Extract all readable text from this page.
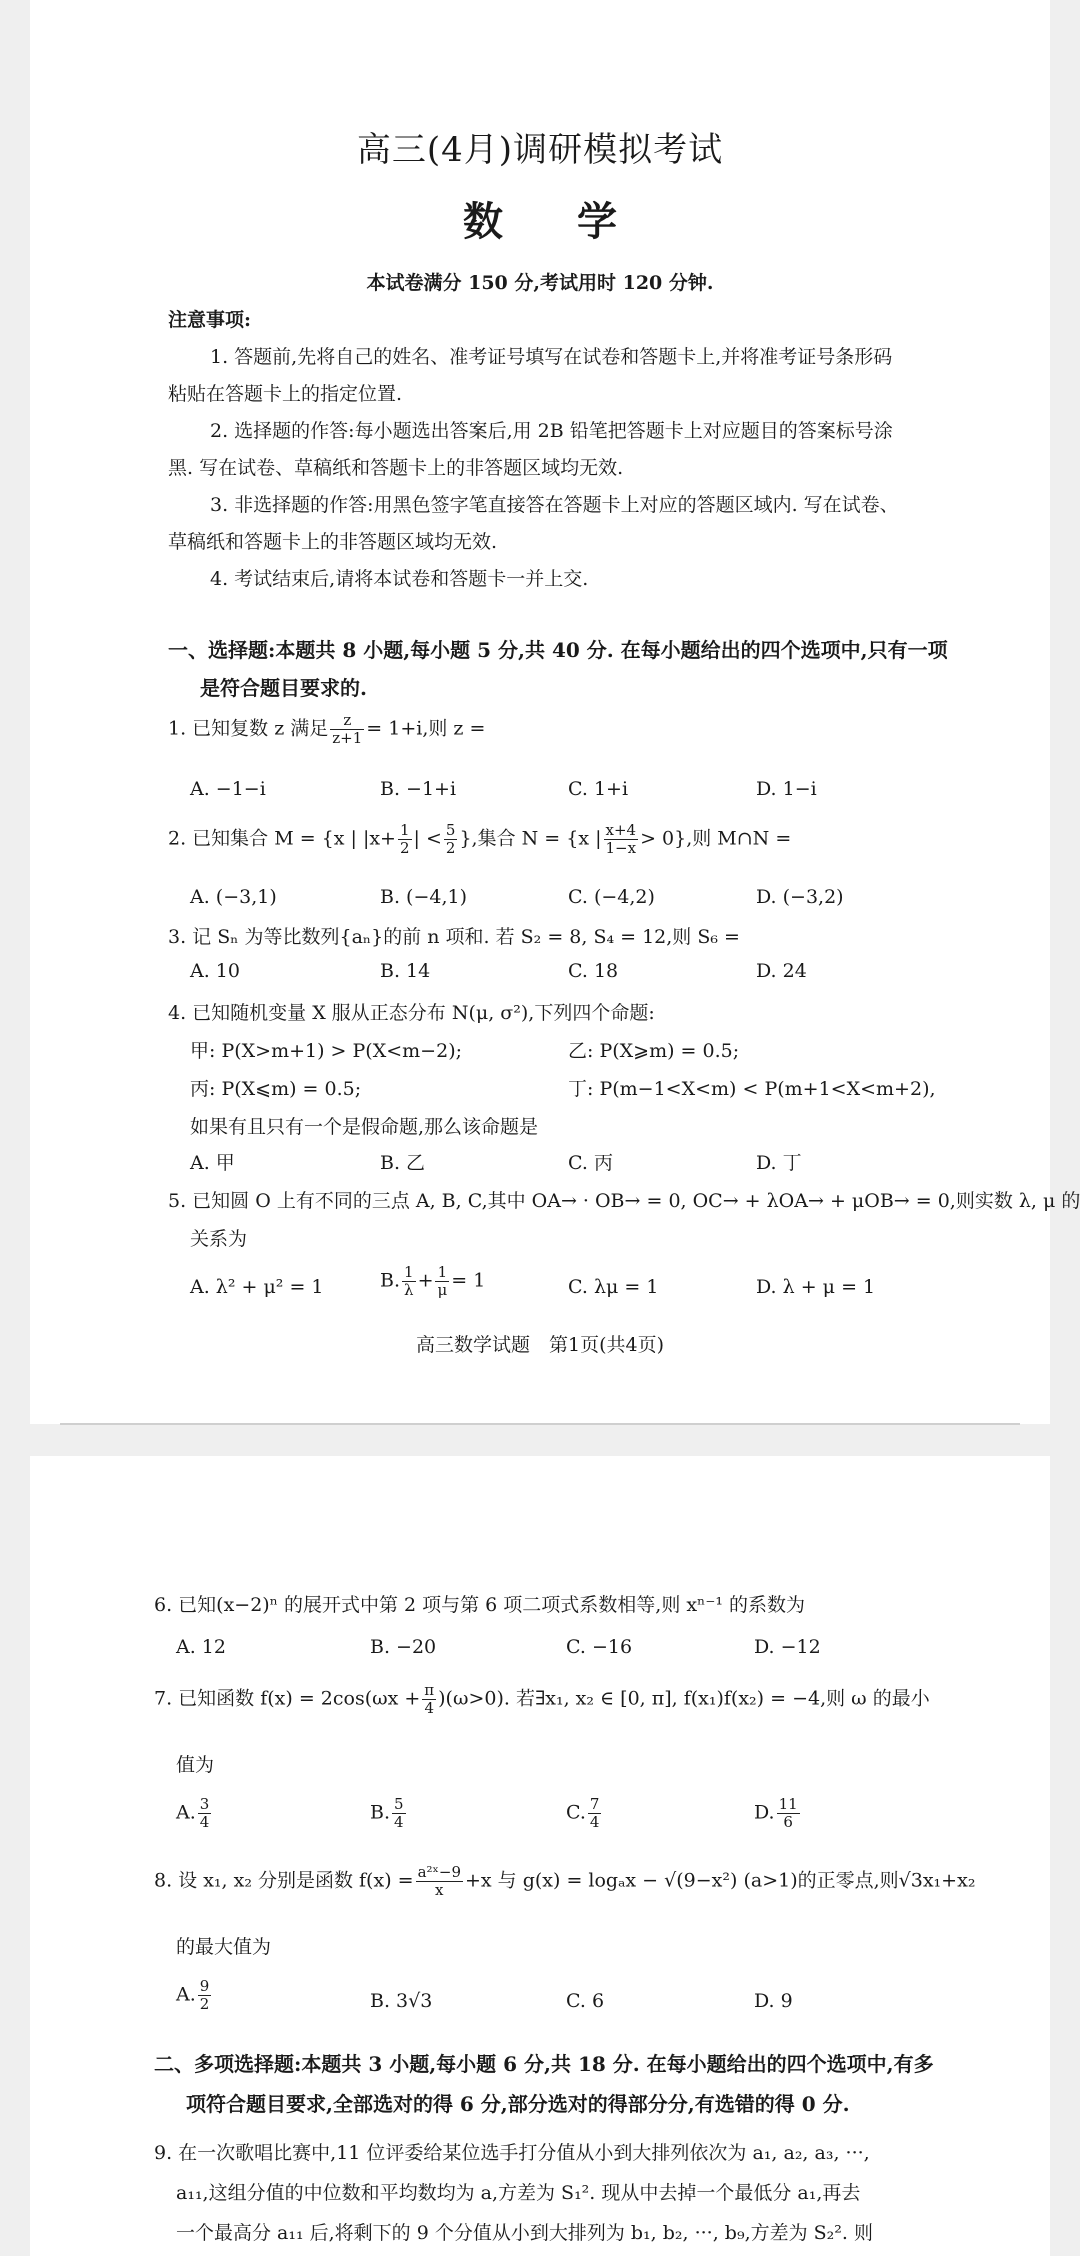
高三(4月)调研模拟考试
数 学
本试卷满分 150 分,考试用时 120 分钟.
注意事项:
1. 答题前,先将自己的姓名、准考证号填写在试卷和答题卡上,并将准考证号条形码
粘贴在答题卡上的指定位置.
2. 选择题的作答:每小题选出答案后,用 2B 铅笔把答题卡上对应题目的答案标号涂
黑. 写在试卷、草稿纸和答题卡上的非答题区域均无效.
3. 非选择题的作答:用黑色签字笔直接答在答题卡上对应的答题区域内. 写在试卷、
草稿纸和答题卡上的非答题区域均无效.
4. 考试结束后,请将本试卷和答题卡一并上交.
一、选择题:本题共 8 小题,每小题 5 分,共 40 分. 在每小题给出的四个选项中,只有一项
是符合题目要求的.
1. 已知复数 z 满足 $\frac{z}{z+1} = 1+i$,则 z =
A. −1−i	B. −1+i	C. 1+i	D. 1−i
2. 已知集合 M = {x | $|x+ \frac{1}{2}$ | < $\frac{5}{2}$ },集合 N = {x | $\frac{x+4}{1-x} > 0$},则 M∩N =
A. (−3,1)	B. (−4,1)	C. (−4,2)	D. (−3,2)
3. 记 Sₙ 为等比数列{aₙ}的前 n 项和. 若 S₂ = 8, S₄ = 12,则 S₆ =
A. 10	B. 14	C. 18	D. 24
4. 已知随机变量 X 服从正态分布 N(μ, σ²),下列四个命题:
甲: P(X>m+1) > P(X<m−2);	乙: P(X⩾m) = 0.5;
丙: P(X⩽m) = 0.5;	丁: P(m−1<X<m) < P(m+1<X<m+2),
如果有且只有一个是假命题,那么该命题是
A. 甲	B. 乙	C. 丙	D. 丁
5. 已知圆 O 上有不同的三点 A, B, C,其中 OA→ · OB→ = 0, OC→ + λOA→ + μOB→ = 0,则实数 λ, μ 的
关系为
A. λ² + μ² = 1	B. $\frac{1}{\lambda} + \frac{1}{\mu} = 1$	C. λμ = 1	D. λ + μ = 1
高三数学试题　第1页(共4页)
6. 已知(x−2)ⁿ 的展开式中第 2 项与第 6 项二项式系数相等,则 xⁿ⁻¹ 的系数为
A. 12	B. −20	C. −16	D. −12
7. 已知函数 $f(x) = 2\cos(\omega x + \frac{\pi}{4} )(\omega>0)$. 若∃x₁, x₂ ∈ [0, π], f(x₁)f(x₂) = −4,则 ω 的最小
值为
A. $\frac{3}{4}$	B. $\frac{5}{4}$	C. $\frac{7}{4}$	D. $\frac{11}{6}$
8. 设 x₁, x₂ 分别是函数 $f(x) = \frac{\text{a²ˣ−9}}{x} +x$ 与 g(x) = logₐx − √(9−x²) (a>1)的正零点,则√3x₁+x₂
的最大值为
A. $\frac{9}{2}$	B. 3√3	C. 6	D. 9
二、多项选择题:本题共 3 小题,每小题 6 分,共 18 分. 在每小题给出的四个选项中,有多
项符合题目要求,全部选对的得 6 分,部分选对的得部分分,有选错的得 0 分.
9. 在一次歌唱比赛中,11 位评委给某位选手打分值从小到大排列依次为 a₁, a₂, a₃, ···,
a₁₁,这组分值的中位数和平均数均为 a,方差为 S₁². 现从中去掉一个最低分 a₁,再去
一个最高分 a₁₁ 后,将剩下的 9 个分值从小到大排列为 b₁, b₂, ···, b₉,方差为 S₂². 则
